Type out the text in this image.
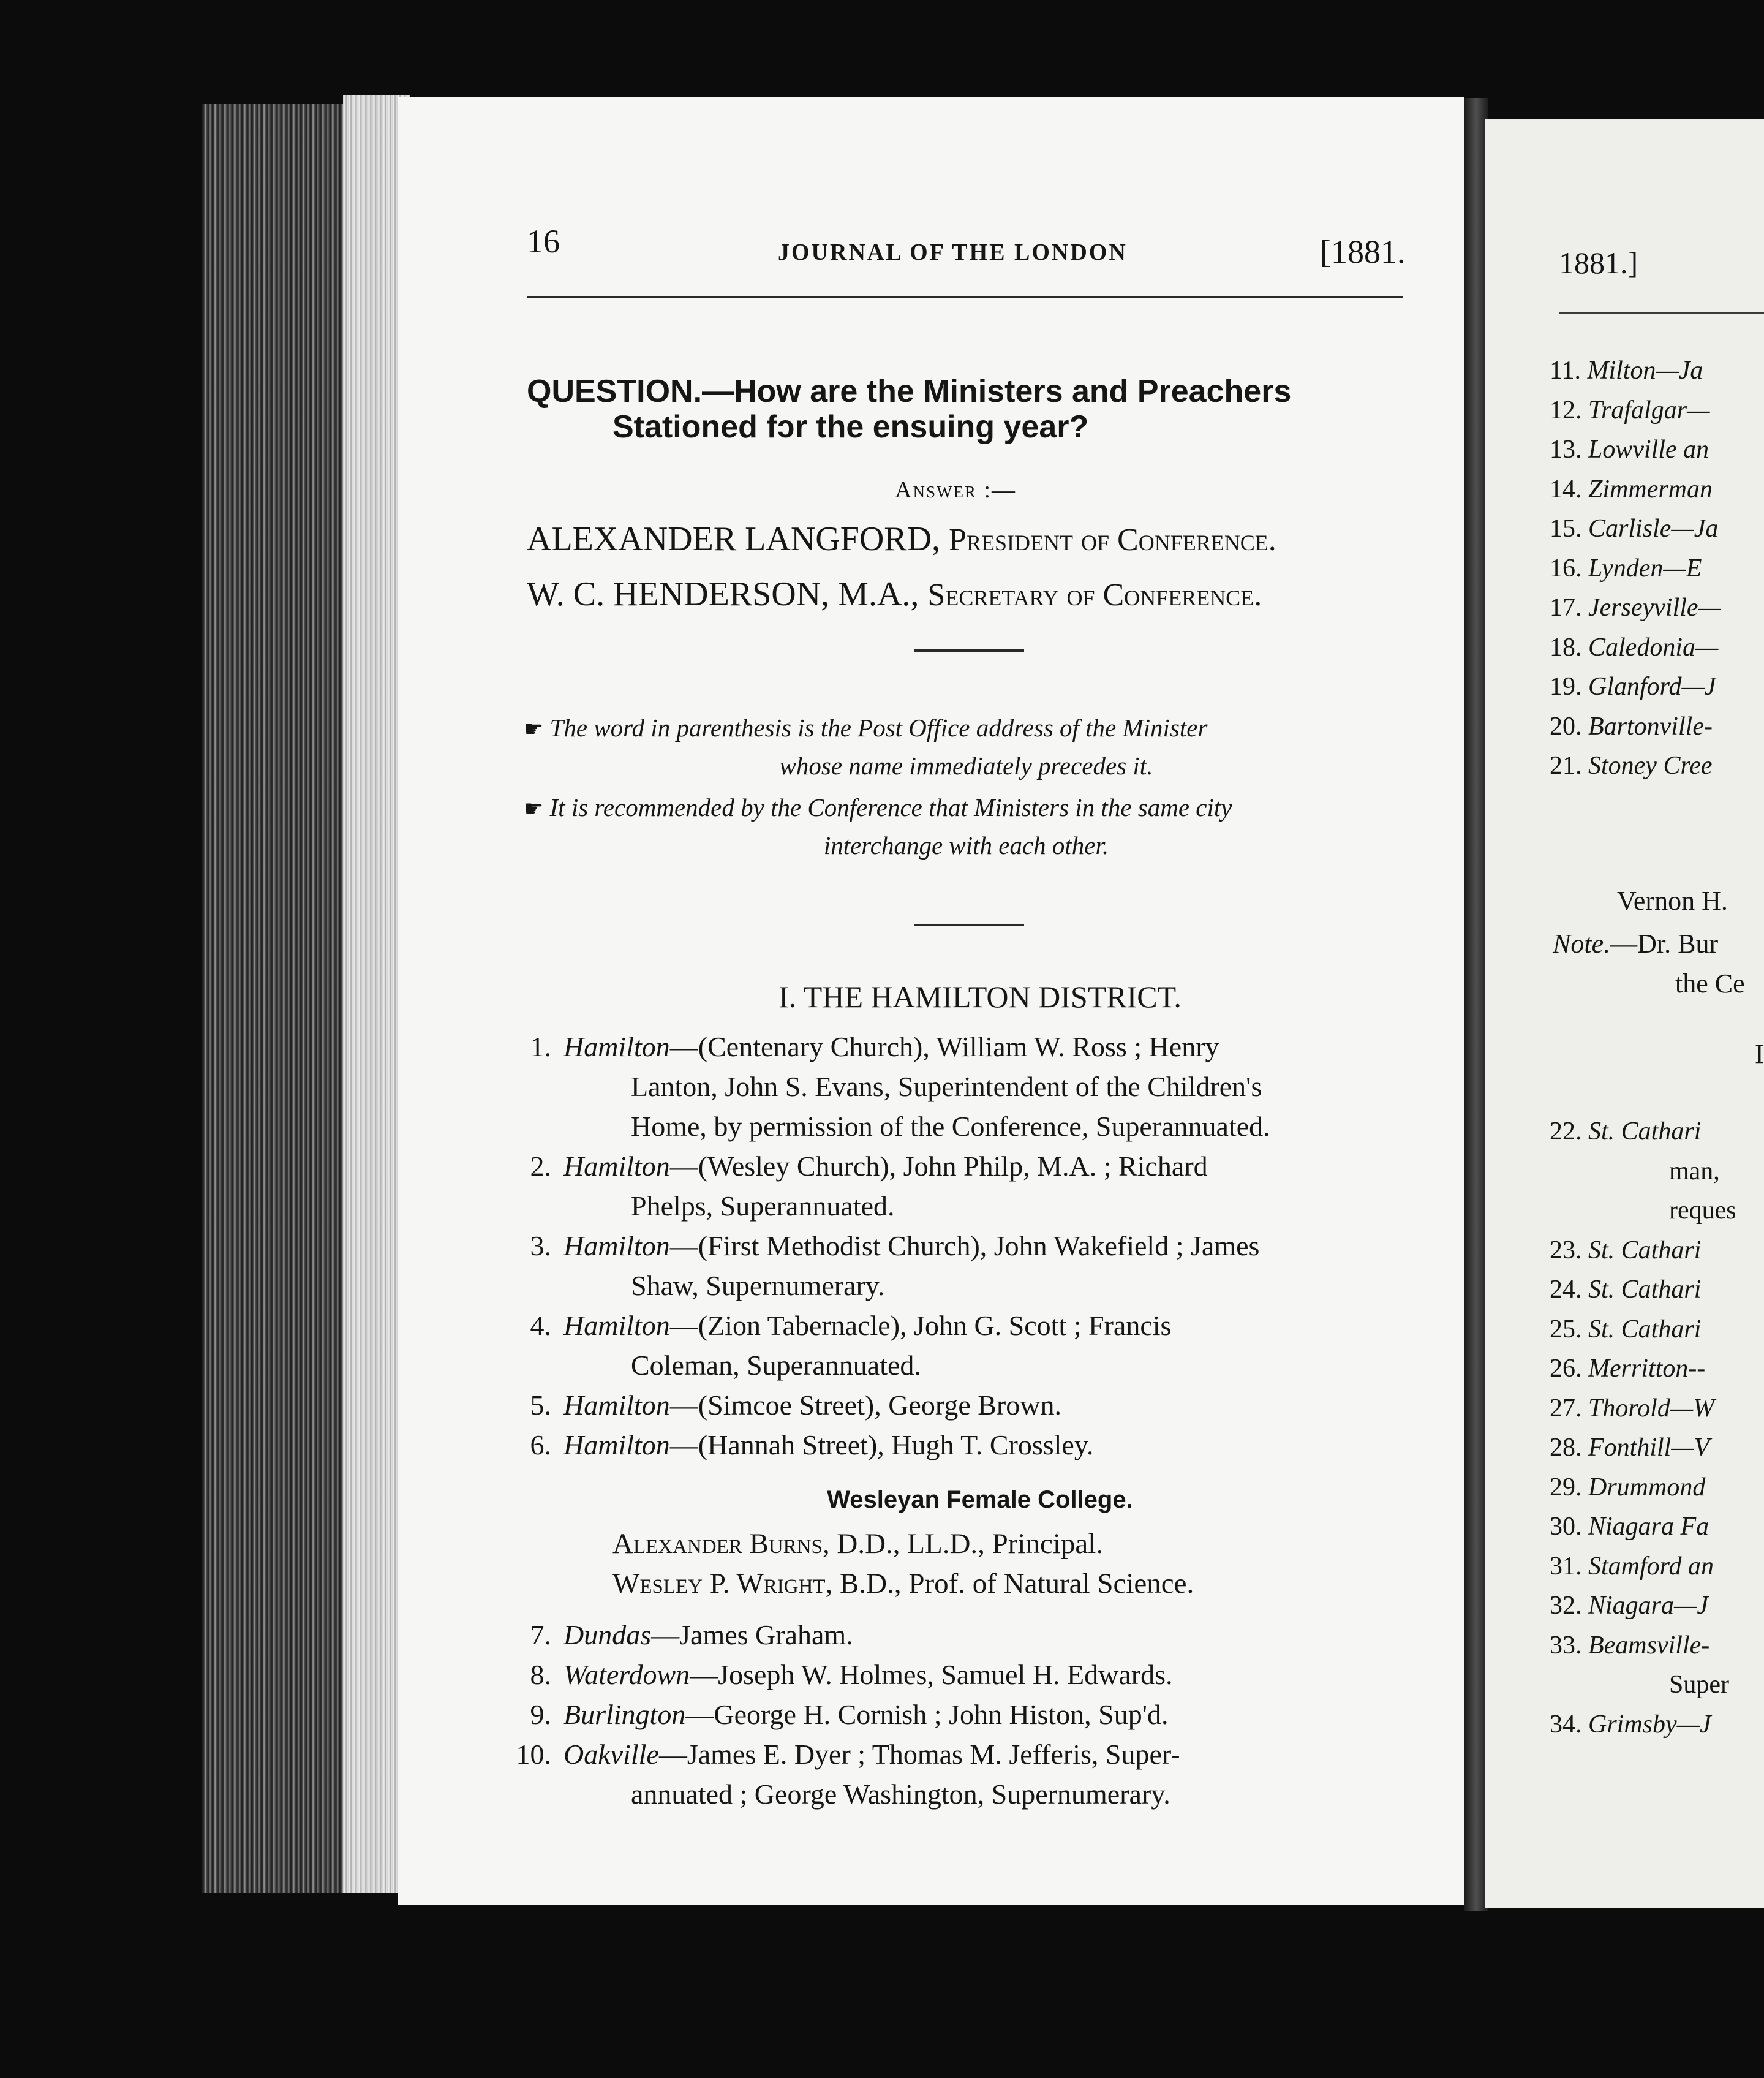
16	JOURNAL OF THE LONDON	[1881.
QUESTION.—How are the Ministers and Preachers
Stationed fɔr the ensuing year?
Answer :—
ALEXANDER LANGFORD, President of Conference.
W. C. HENDERSON, M.A., Secretary of Conference.
☛ The word in parenthesis is the Post Office address of the Minister
whose name immediately precedes it.
☛ It is recommended by the Conference that Ministers in the same city
interchange with each other.
I. THE HAMILTON DISTRICT.
1. Hamilton—(Centenary Church), William W. Ross ; Henry
Lanton, John S. Evans, Superintendent of the Children's
Home, by permission of the Conference, Superannuated.
2. Hamilton—(Wesley Church), John Philp, M.A. ; Richard
Phelps, Superannuated.
3. Hamilton—(First Methodist Church), John Wakefield ; James
Shaw, Supernumerary.
4. Hamilton—(Zion Tabernacle), John G. Scott ; Francis
Coleman, Superannuated.
5. Hamilton—(Simcoe Street), George Brown.
6. Hamilton—(Hannah Street), Hugh T. Crossley.
Wesleyan Female College.
Alexander Burns, D.D., LL.D., Principal.
Wesley P. Wright, B.D., Prof. of Natural Science.
7. Dundas—James Graham.
8. Waterdown—Joseph W. Holmes, Samuel H. Edwards.
9. Burlington—George H. Cornish ; John Histon, Sup'd.
10. Oakville—James E. Dyer ; Thomas M. Jefferis, Super-
annuated ; George Washington, Supernumerary.
1881.]
11. Milton—Ja
12. Trafalgar—
13. Lowville an
14. Zimmerman
15. Carlisle—Ja
16. Lynden—E
17. Jerseyville—
18. Caledonia—
19. Glanford—J
20. Bartonville-
21. Stoney Cree
Vernon H.
Note.—Dr. Bur
the Ce
I
22. St. Cathari
man,
reques
23. St. Cathari
24. St. Cathari
25. St. Cathari
26. Merritton--
27. Thorold—W
28. Fonthill—V
29. Drummond
30. Niagara Fa
31. Stamford an
32. Niagara—J
33. Beamsville-
Super
34. Grimsby—J
